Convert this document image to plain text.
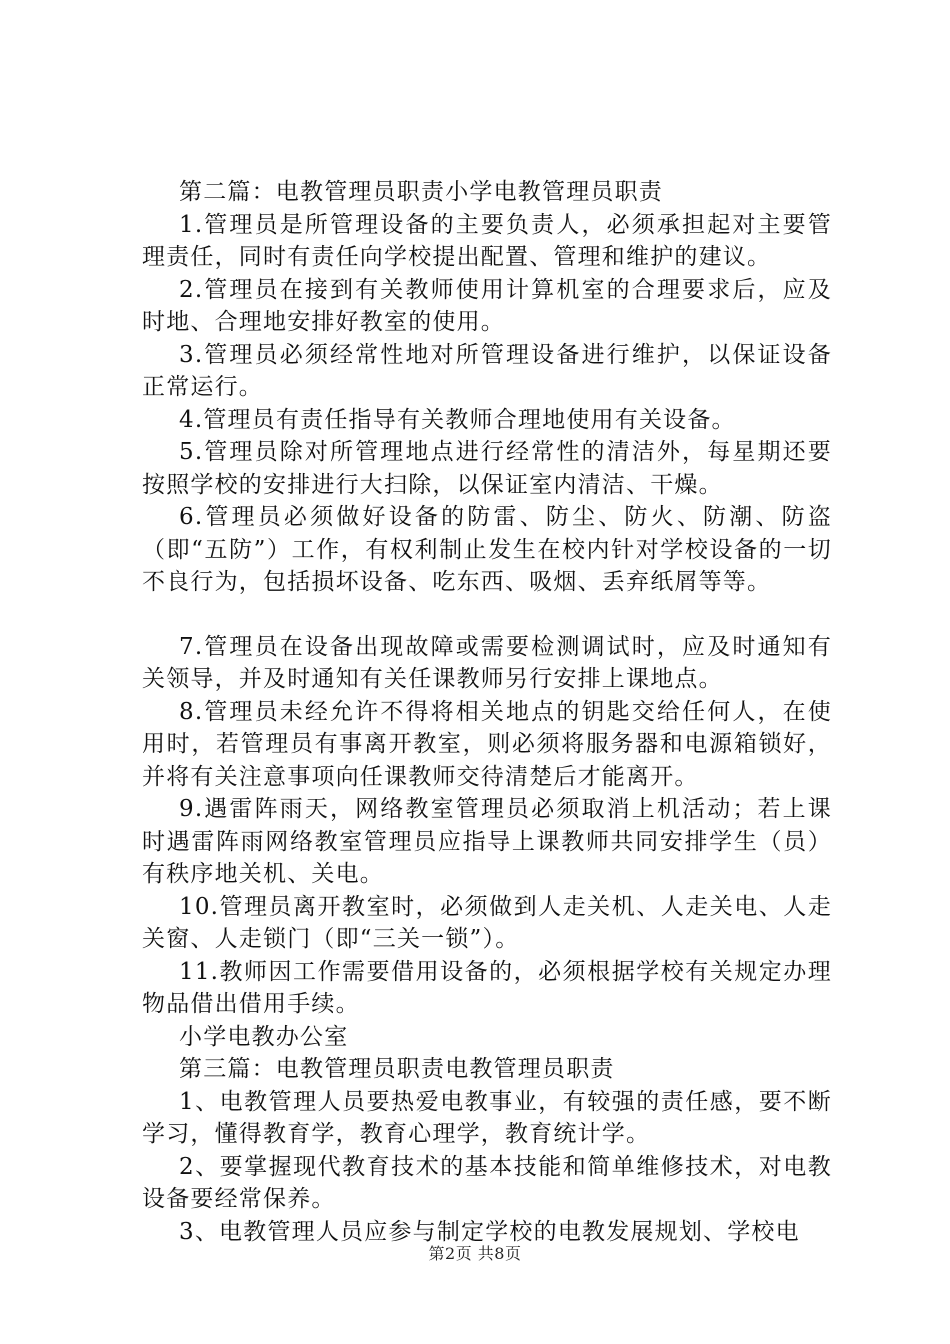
第二篇：电教管理员职责小学电教管理员职责

1.管理员是所管理设备的主要负责人，必须承担起对主要管理责任，同时有责任向学校提出配置、管理和维护的建议。

2.管理员在接到有关教师使用计算机室的合理要求后，应及时地、合理地安排好教室的使用。

3.管理员必须经常性地对所管理设备进行维护，以保证设备正常运行。

4.管理员有责任指导有关教师合理地使用有关设备。

5.管理员除对所管理地点进行经常性的清洁外，每星期还要按照学校的安排进行大扫除，以保证室内清洁、干燥。

6.管理员必须做好设备的防雷、防尘、防火、防潮、防盗（即“五防”）工作，有权利制止发生在校内针对学校设备的一切不良行为，包括损坏设备、吃东西、吸烟、丢弃纸屑等等。

7.管理员在设备出现故障或需要检测调试时，应及时通知有关领导，并及时通知有关任课教师另行安排上课地点。

8.管理员未经允许不得将相关地点的钥匙交给任何人，在使用时，若管理员有事离开教室，则必须将服务器和电源箱锁好，并将有关注意事项向任课教师交待清楚后才能离开。

9.遇雷阵雨天，网络教室管理员必须取消上机活动；若上课时遇雷阵雨网络教室管理员应指导上课教师共同安排学生（员）有秩序地关机、关电。

10.管理员离开教室时，必须做到人走关机、人走关电、人走关窗、人走锁门（即“三关一锁”）。

11.教师因工作需要借用设备的，必须根据学校有关规定办理物品借出借用手续。

小学电教办公室

第三篇：电教管理员职责电教管理员职责

1、电教管理人员要热爱电教事业，有较强的责任感，要不断学习，懂得教育学，教育心理学，教育统计学。

2、要掌握现代教育技术的基本技能和简单维修技术，对电教设备要经常保养。

3、电教管理人员应参与制定学校的电教发展规划、学校电

第2页 共8页
